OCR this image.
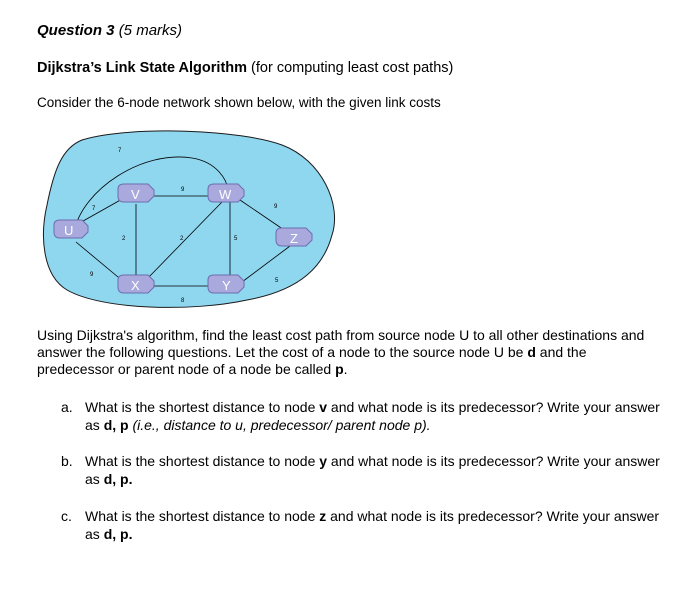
Question 3 (5 marks)
Dijkstra’s Link State Algorithm (for computing least cost paths)
Consider the 6-node network shown below, with the given link costs
7
7
9
9
2	2	5
9
8
5
U
V	W
X	Y
Z
Using Dijkstra's algorithm, find the least cost path from source node U to all other destinations and answer the following questions. Let the cost of a node to the source node U be d and the predecessor or parent node of a node be called p.
a. What is the shortest distance to node v and what node is its predecessor? Write your answer as d, p (i.e., distance to u, predecessor/ parent node p).
b. What is the shortest distance to node y and what node is its predecessor? Write your answer as d, p.
c. What is the shortest distance to node z and what node is its predecessor? Write your answer as d, p.
